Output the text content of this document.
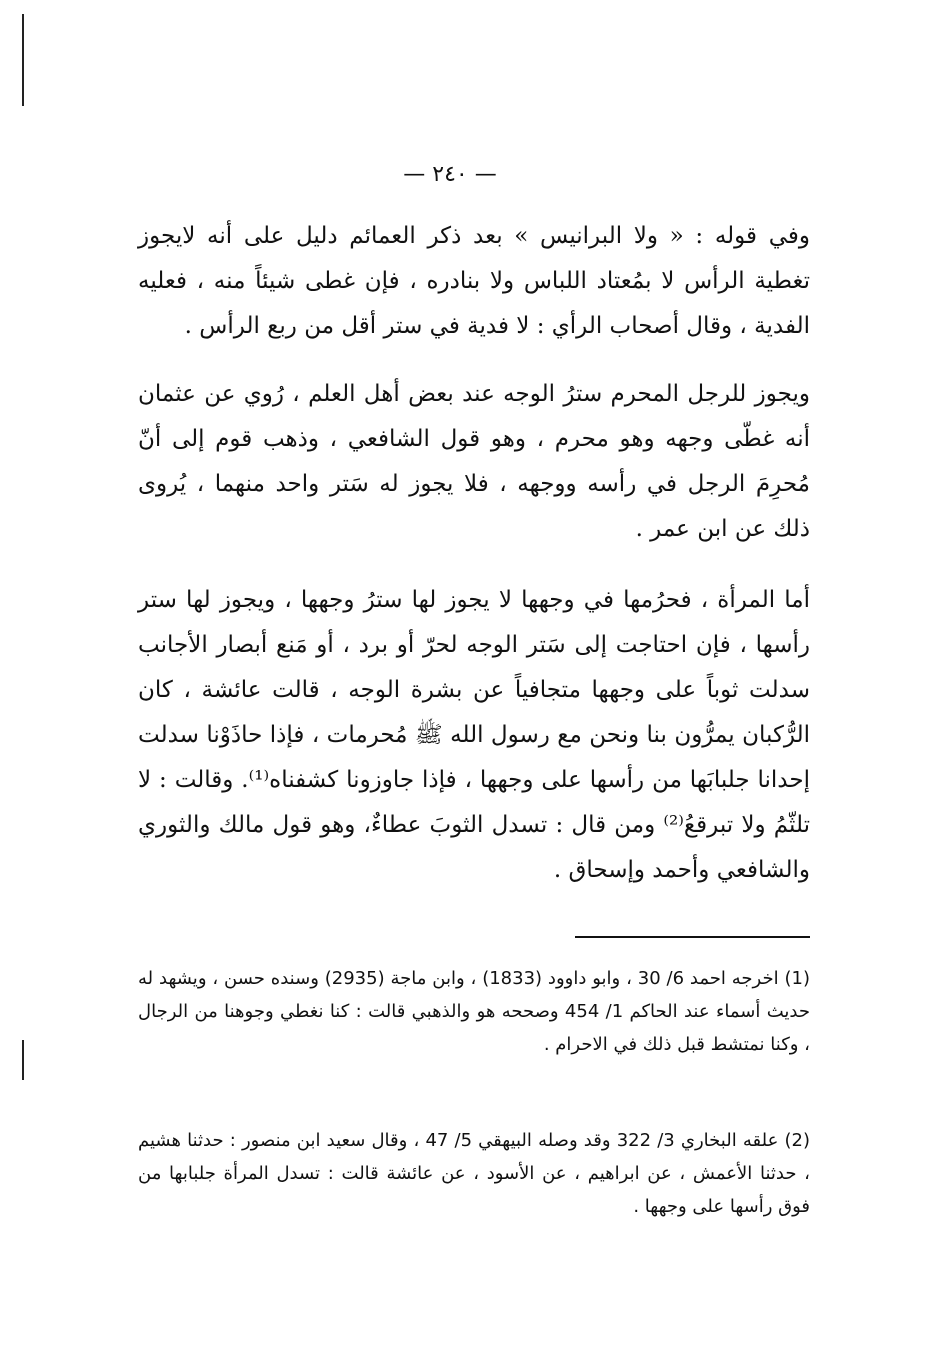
— ٢٤٠ —

وفي قوله : « ولا البرانيس » بعد ذكر العمائم دليل على أنه لايجوز تغطية الرأس لا بمُعتاد اللباس ولا بنادره ، فإن غطى شيئاً منه ، فعليه الفدية ، وقال أصحاب الرأي : لا فدية في ستر أقل من ربع الرأس .

ويجوز للرجل المحرم سترُ الوجه عند بعض أهل العلم ، رُوي عن عثمان أنه غطّى وجهه وهو محرم ، وهو قول الشافعي ، وذهب قوم إلى أنّ مُحرِمَ الرجل في رأسه ووجهه ، فلا يجوز له سَتر واحد منهما ، يُروى ذلك عن ابن عمر .

أما المرأة ، فحرُمها في وجهها لا يجوز لها سترُ وجهها ، ويجوز لها ستر رأسها ، فإن احتاجت إلى سَتر الوجه لحرّ أو برد ، أو مَنع أبصار الأجانب سدلت ثوباً على وجهها متجافياً عن بشرة الوجه ، قالت عائشة ، كان الرُّكبان يمرُّون بنا ونحن مع رسول الله ﷺ مُحرمات ، فإذا حاذَوْنا سدلت إحدانا جلبابَها من رأسها على وجهها ، فإذا جاوزونا كشفناه⁽¹⁾. وقالت : لا تلثّمُ ولا تبرقعُ⁽²⁾ ومن قال : تسدل الثوبَ عطاءٌ، وهو قول مالك والثوري والشافعي وأحمد وإسحاق .

(1) اخرجه احمد 6/ 30 ، وابو داوود (1833) ، وابن ماجة (2935) وسنده حسن ، ويشهد له حديث أسماء عند الحاكم 1/ 454 وصححه هو والذهبي قالت : كنا نغطي وجوهنا من الرجال ، وكنا نمتشط قبل ذلك في الاحرام .

(2) علقه البخاري 3/ 322 وقد وصله البيهقي 5/ 47 ، وقال سعيد ابن منصور : حدثنا هشيم ، حدثنا الأعمش ، عن ابراهيم ، عن الأسود ، عن عائشة قالت : تسدل المرأة جلبابها من فوق رأسها على وجهها .
